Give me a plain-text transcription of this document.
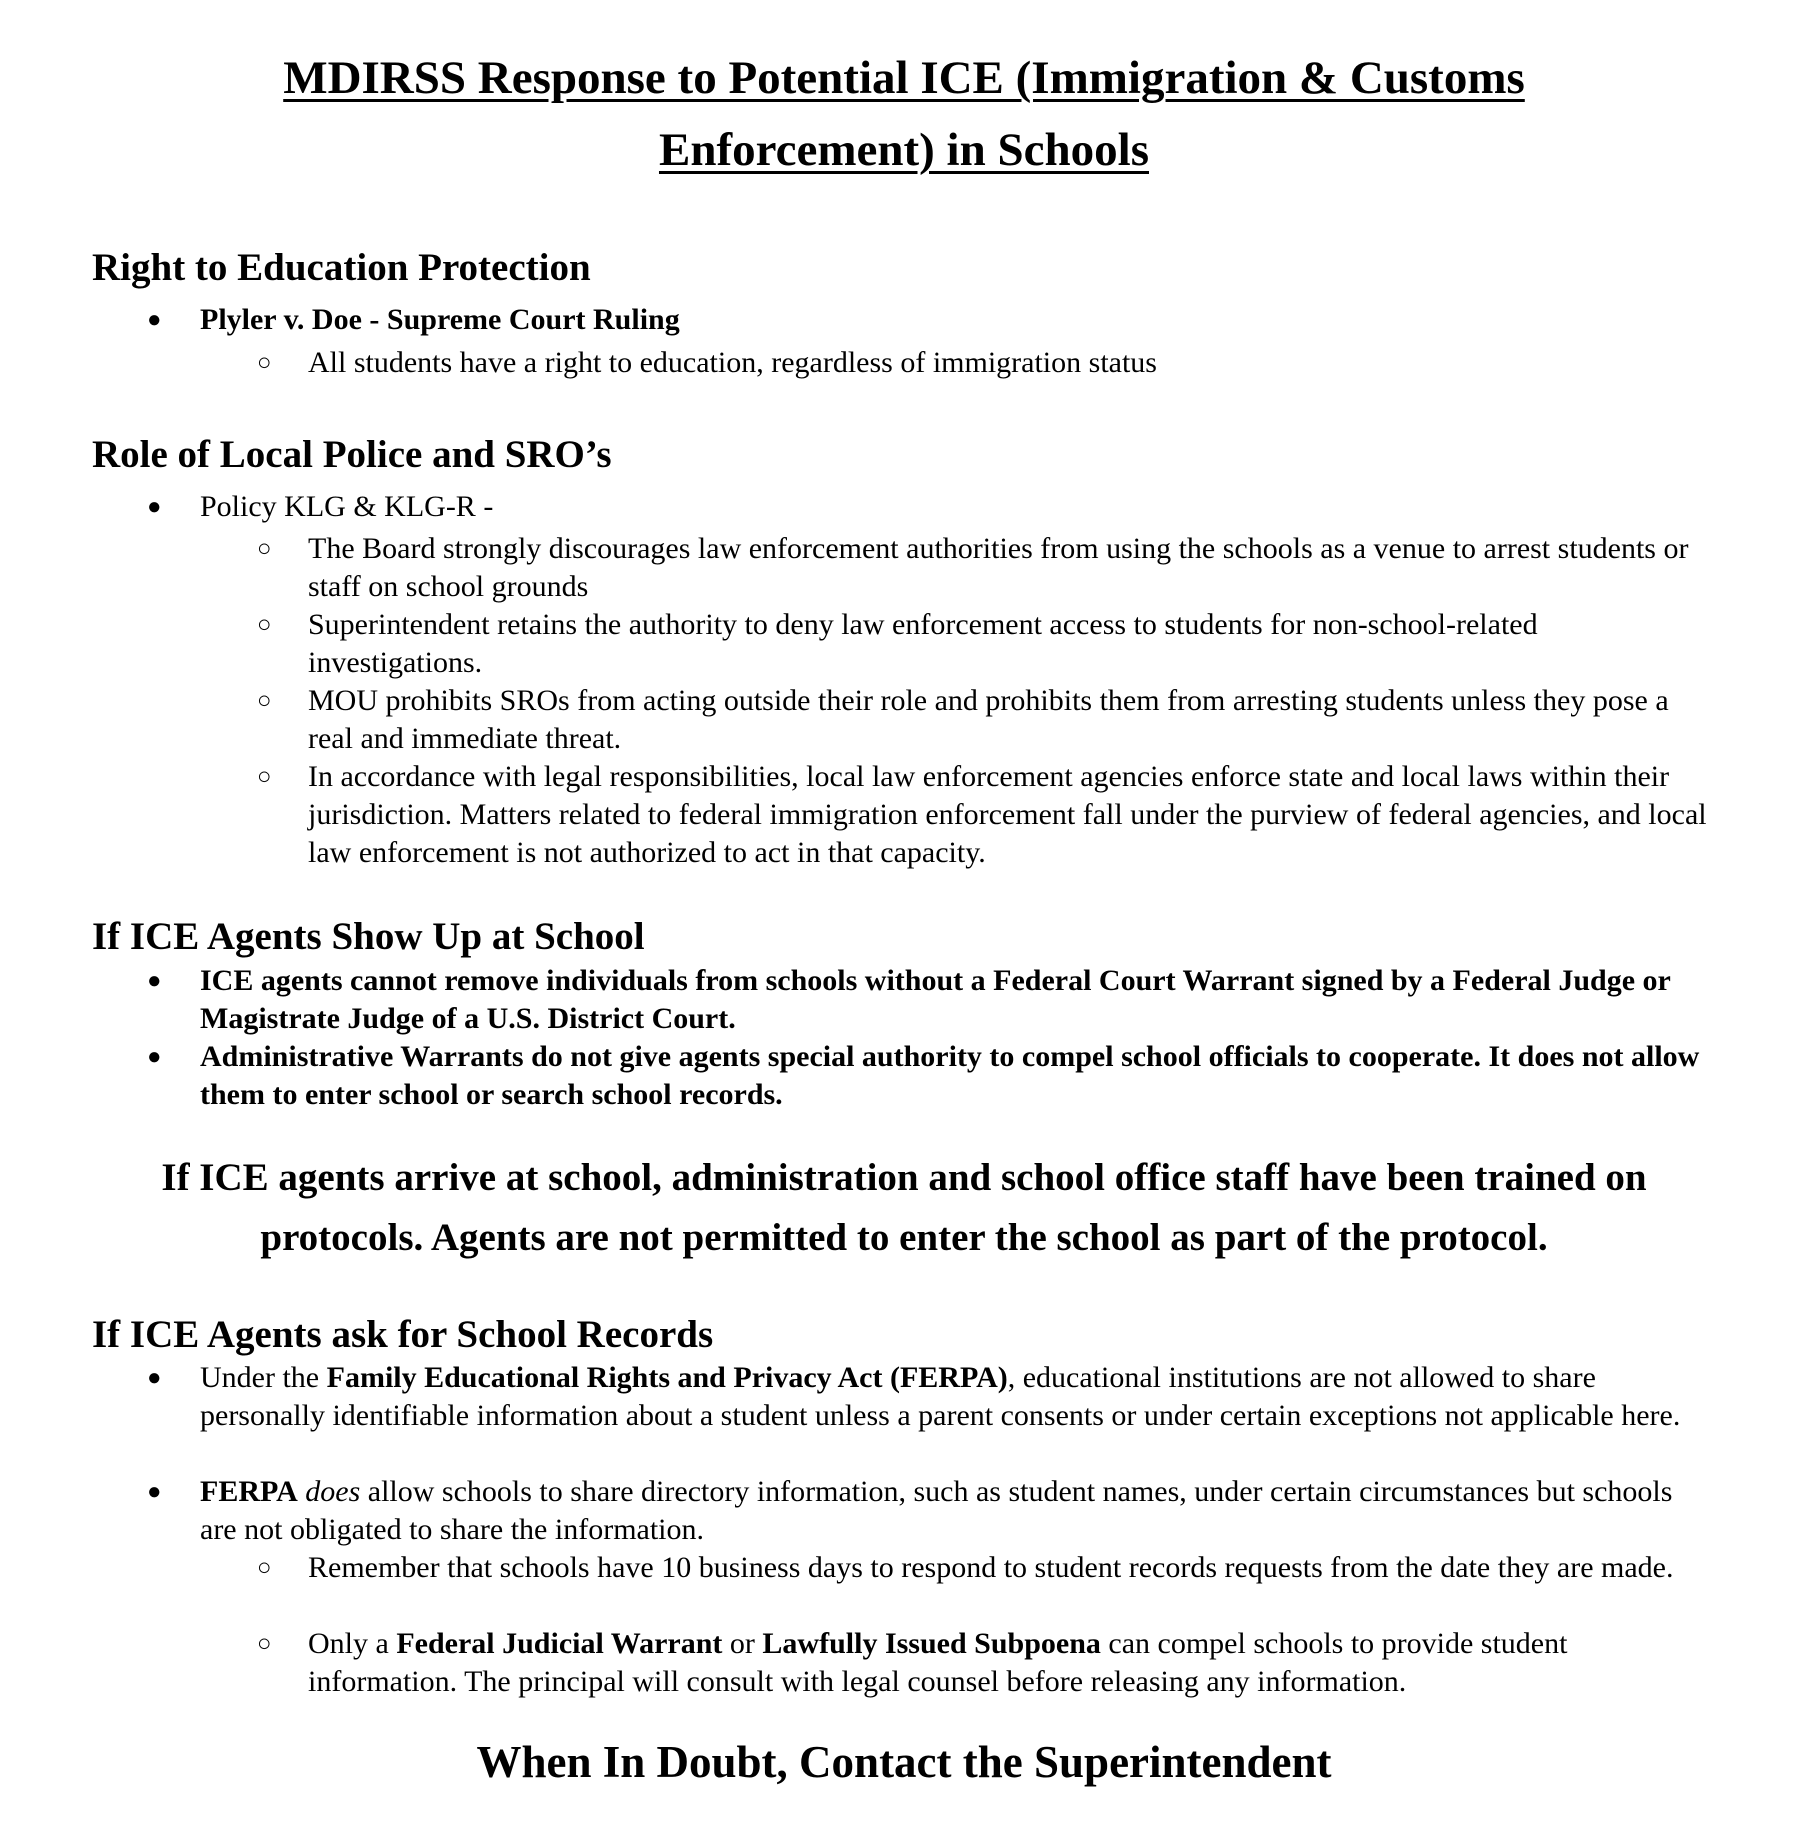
MDIRSS Response to Potential ICE (Immigration & Customs
Enforcement) in Schools
Right to Education Protection
● Plyler v. Doe - Supreme Court Ruling

○ All students have a right to education, regardless of immigration status

Role of Local Police and SRO’s
● Policy KLG & KLG-R -

○ The Board strongly discourages law enforcement authorities from using the schools as a venue to arrest students or staff on school grounds

○ Superintendent retains the authority to deny law enforcement access to students for non-school-related investigations.

○ MOU prohibits SROs from acting outside their role and prohibits them from arresting students unless they pose a real and immediate threat.

○ In accordance with legal responsibilities, local law enforcement agencies enforce state and local laws within their jurisdiction. Matters related to federal immigration enforcement fall under the purview of federal agencies, and local law enforcement is not authorized to act in that capacity.

If ICE Agents Show Up at School
● ICE agents cannot remove individuals from schools without a Federal Court Warrant signed by a Federal Judge or Magistrate Judge of a U.S. District Court.

● Administrative Warrants do not give agents special authority to compel school officials to cooperate. It does not allow them to enter school or search school records.

If ICE agents arrive at school, administration and school office staff have been trained on
protocols. Agents are not permitted to enter the school as part of the protocol.

If ICE Agents ask for School Records
● Under the Family Educational Rights and Privacy Act (FERPA), educational institutions are not allowed to share personally identifiable information about a student unless a parent consents or under certain exceptions not applicable here.

● FERPA does allow schools to share directory information, such as student names, under certain circumstances but schools are not obligated to share the information.

○ Remember that schools have 10 business days to respond to student records requests from the date they are made.

○ Only a Federal Judicial Warrant or Lawfully Issued Subpoena can compel schools to provide student information. The principal will consult with legal counsel before releasing any information.

When In Doubt, Contact the Superintendent
